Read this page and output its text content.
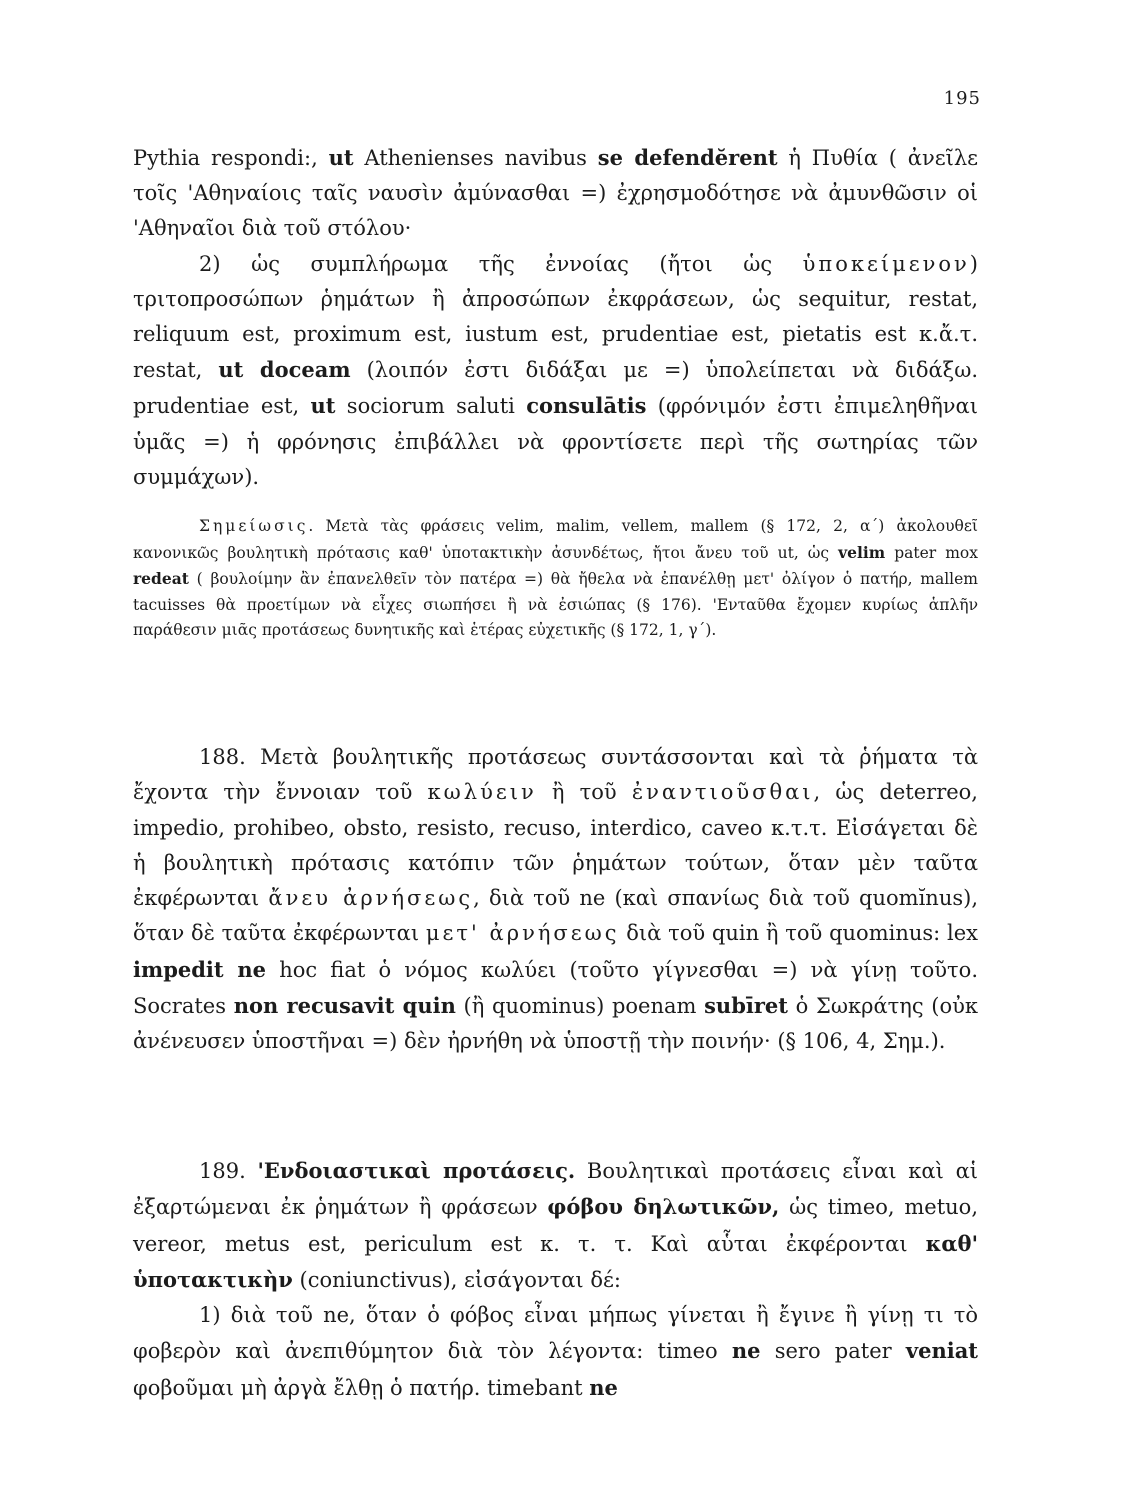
195

Pythia respondi:, ut Athenienses navibus se defendĕrent ἡ Πυθία ( ἀνεῖλε τοῖς 'Αθηναίοις ταῖς ναυσὶν ἀμύνασθαι =) ἐχρησμοδότησε νὰ ἀμυνθῶσιν οἱ 'Αθηναῖοι διὰ τοῦ στόλου·

2) ὡς συμπλήρωμα τῆς ἐννοίας (ἤτοι ὡς ὑποκείμενον) τριτοπροσώπων ῥημάτων ἢ ἀπροσώπων ἐκφράσεων, ὡς sequitur, restat, reliquum est, proximum est, iustum est, prudentiae est, pietatis est κ.ἄ.τ. restat, ut doceam (λοιπόν ἐστι διδάξαι με =) ὑπολείπεται νὰ διδάξω. prudentiae est, ut sociorum saluti consulātis (φρόνιμόν ἐστι ἐπιμεληθῆναι ὑμᾶς =) ἡ φρόνησις ἐπιβάλλει νὰ φροντίσετε περὶ τῆς σωτηρίας τῶν συμμάχων).

Σημείωσις. Μετὰ τὰς φράσεις velim, malim, vellem, mallem (§ 172, 2, α΄) ἀκολουθεῖ κανονικῶς βουλητικὴ πρότασις καθ' ὑποτακτικὴν ἀσυνδέτως, ἤτοι ἄνευ τοῦ ut, ὡς velim pater mox redeat ( βουλοίμην ἂν ἐπανελθεῖν τὸν πατέρα =) θὰ ἤθελα νὰ ἐπανέλθῃ μετ' ὀλίγον ὁ πατήρ, mallem tacuisses θὰ προετίμων νὰ εἶχες σιωπήσει ἢ νὰ ἐσιώπας (§ 176). 'Ενταῦθα ἔχομεν κυρίως ἁπλῆν παράθεσιν μιᾶς προτάσεως δυνητικῆς καὶ ἑτέρας εὐχετικῆς (§ 172, 1, γ΄).

188. Μετὰ βουλητικῆς προτάσεως συντάσσονται καὶ τὰ ῥήματα τὰ ἔχοντα τὴν ἔννοιαν τοῦ κωλύειν ἢ τοῦ ἐναντιοῦσθαι, ὡς deterreo, impedio, prohibeo, obsto, resisto, recuso, interdico, caveo κ.τ.τ. Εἰσάγεται δὲ ἡ βουλητικὴ πρότασις κατόπιν τῶν ῥημάτων τούτων, ὅταν μὲν ταῦτα ἐκφέρωνται ἄνευ ἀρνήσεως, διὰ τοῦ ne (καὶ σπανίως διὰ τοῦ quomĭnus), ὅταν δὲ ταῦτα ἐκφέρωνται μετ' ἀρνήσεως διὰ τοῦ quin ἢ τοῦ quominus: lex impedit ne hoc fiat ὁ νόμος κωλύει (τοῦτο γίγνεσθαι =) νὰ γίνῃ τοῦτο. Socrates non recusavit quin (ἢ quominus) poenam subīret ὁ Σωκράτης (οὐκ ἀνένευσεν ὑποστῆναι =) δὲν ἠρνήθη νὰ ὑποστῇ τὴν ποινήν· (§ 106, 4, Σημ.).

189. 'Ενδοιαστικαὶ προτάσεις. Βουλητικαὶ προτάσεις εἶναι καὶ αἱ ἐξαρτώμεναι ἐκ ῥημάτων ἢ φράσεων φόβου δηλωτικῶν, ὡς timeo, metuo, vereor, metus est, periculum est κ. τ. τ. Καὶ αὗται ἐκφέρονται καθ' ὑποτακτικὴν (coniunctivus), εἰσάγονται δέ:

1) διὰ τοῦ ne, ὅταν ὁ φόβος εἶναι μήπως γίνεται ἢ ἔγινε ἢ γίνῃ τι τὸ φοβερὸν καὶ ἀνεπιθύμητον διὰ τὸν λέγοντα: timeo ne sero pater veniat φοβοῦμαι μὴ ἀργὰ ἔλθῃ ὁ πατήρ. timebant ne
